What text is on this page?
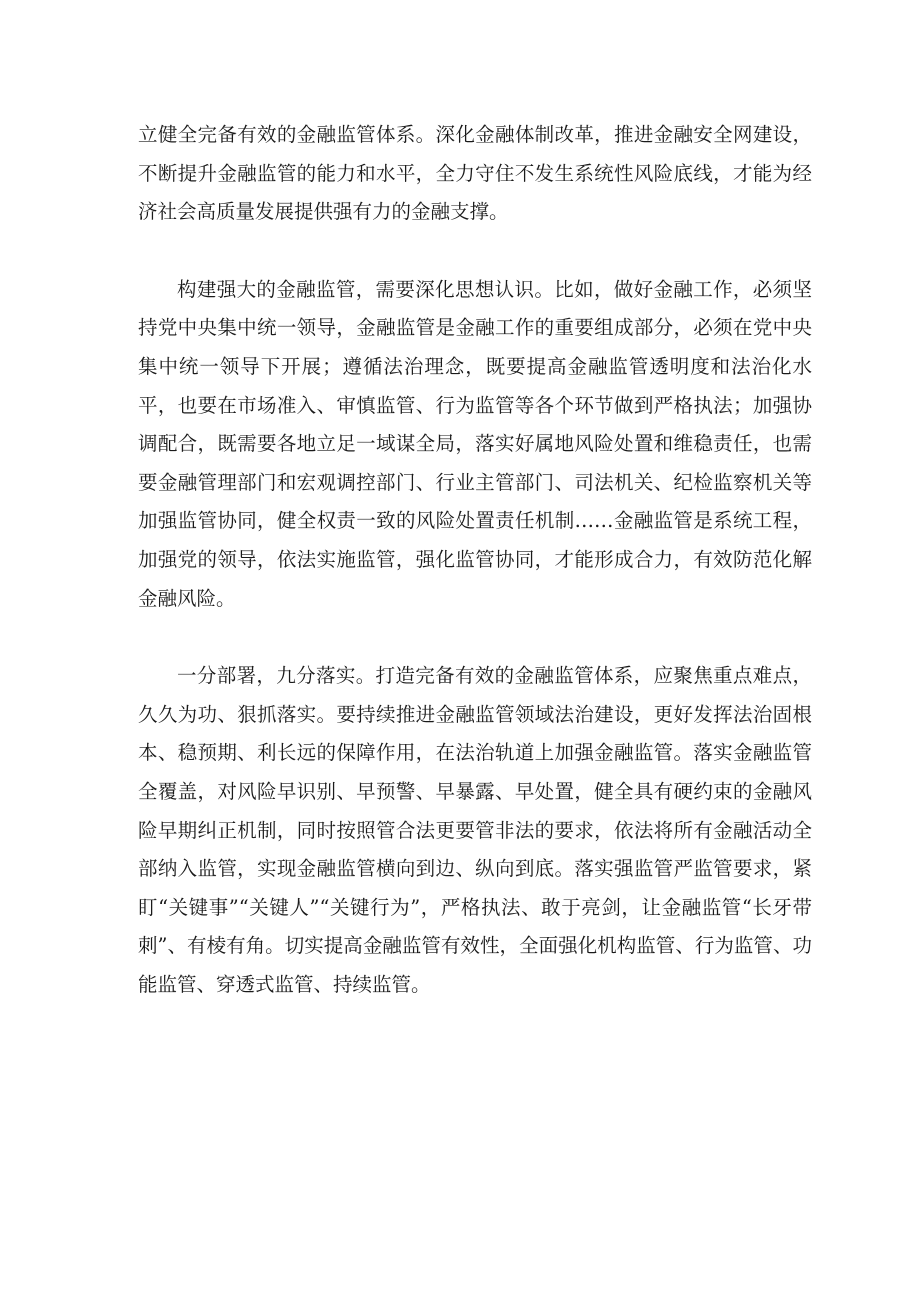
立健全完备有效的金融监管体系。深化金融体制改革，推进金融安全网建设，不断提升金融监管的能力和水平，全力守住不发生系统性风险底线，才能为经济社会高质量发展提供强有力的金融支撑。

构建强大的金融监管，需要深化思想认识。比如，做好金融工作，必须坚持党中央集中统一领导，金融监管是金融工作的重要组成部分，必须在党中央集中统一领导下开展；遵循法治理念，既要提高金融监管透明度和法治化水平，也要在市场准入、审慎监管、行为监管等各个环节做到严格执法；加强协调配合，既需要各地立足一域谋全局，落实好属地风险处置和维稳责任，也需要金融管理部门和宏观调控部门、行业主管部门、司法机关、纪检监察机关等加强监管协同，健全权责一致的风险处置责任机制……金融监管是系统工程，加强党的领导，依法实施监管，强化监管协同，才能形成合力，有效防范化解金融风险。

一分部署，九分落实。打造完备有效的金融监管体系，应聚焦重点难点，久久为功、狠抓落实。要持续推进金融监管领域法治建设，更好发挥法治固根本、稳预期、利长远的保障作用，在法治轨道上加强金融监管。落实金融监管全覆盖，对风险早识别、早预警、早暴露、早处置，健全具有硬约束的金融风险早期纠正机制，同时按照管合法更要管非法的要求，依法将所有金融活动全部纳入监管，实现金融监管横向到边、纵向到底。落实强监管严监管要求，紧盯“关键事”“关键人”“关键行为”，严格执法、敢于亮剑，让金融监管“长牙带刺”、有棱有角。切实提高金融监管有效性，全面强化机构监管、行为监管、功能监管、穿透式监管、持续监管。
